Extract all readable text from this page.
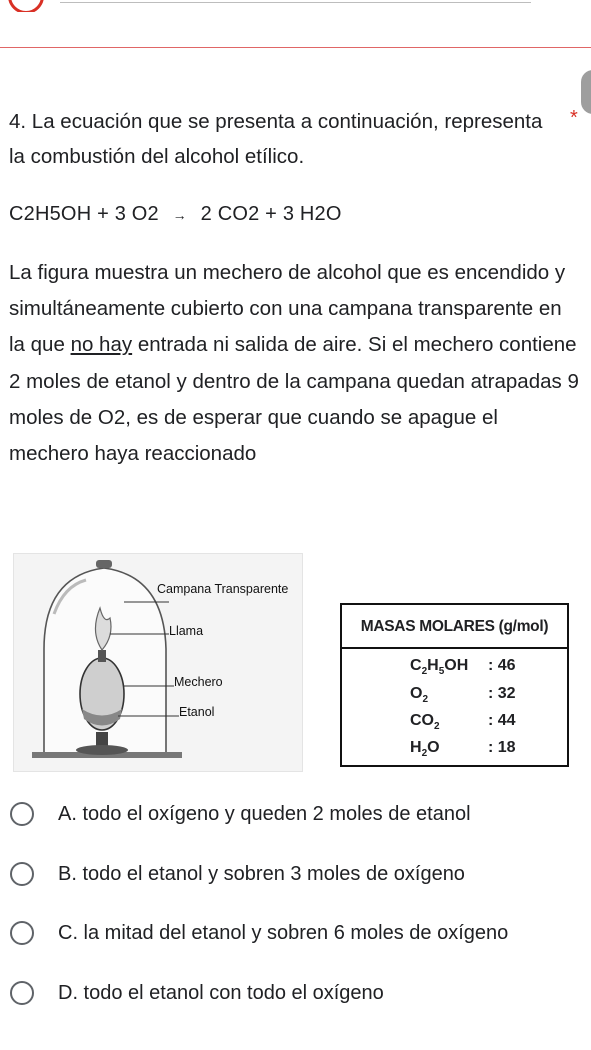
4. La ecuación que se presenta a continuación, representa la combustión del alcohol etílico.
*
C2H5OH + 3 O2 → 2 CO2 + 3 H2O
La figura muestra un mechero de alcohol que es encendido y simultáneamente cubierto con una campana transparente en la que no hay entrada ni salida de aire. Si el mechero contiene 2 moles de etanol y dentro de la campana quedan atrapadas 9 moles de O2, es de esperar que cuando se apague el mechero haya reaccionado
Campana Transparente
Llama
Mechero
Etanol
MASAS MOLARES (g/mol)
$C_2H_5OH$ : 46
$O_2$	: 32
$CO_2$	: 44
$H_2O$	: 18
A. todo el oxígeno y queden 2 moles de etanol
B. todo el etanol y sobren 3 moles de oxígeno
C. la mitad del etanol y sobren 6 moles de oxígeno
D. todo el etanol con todo el oxígeno
